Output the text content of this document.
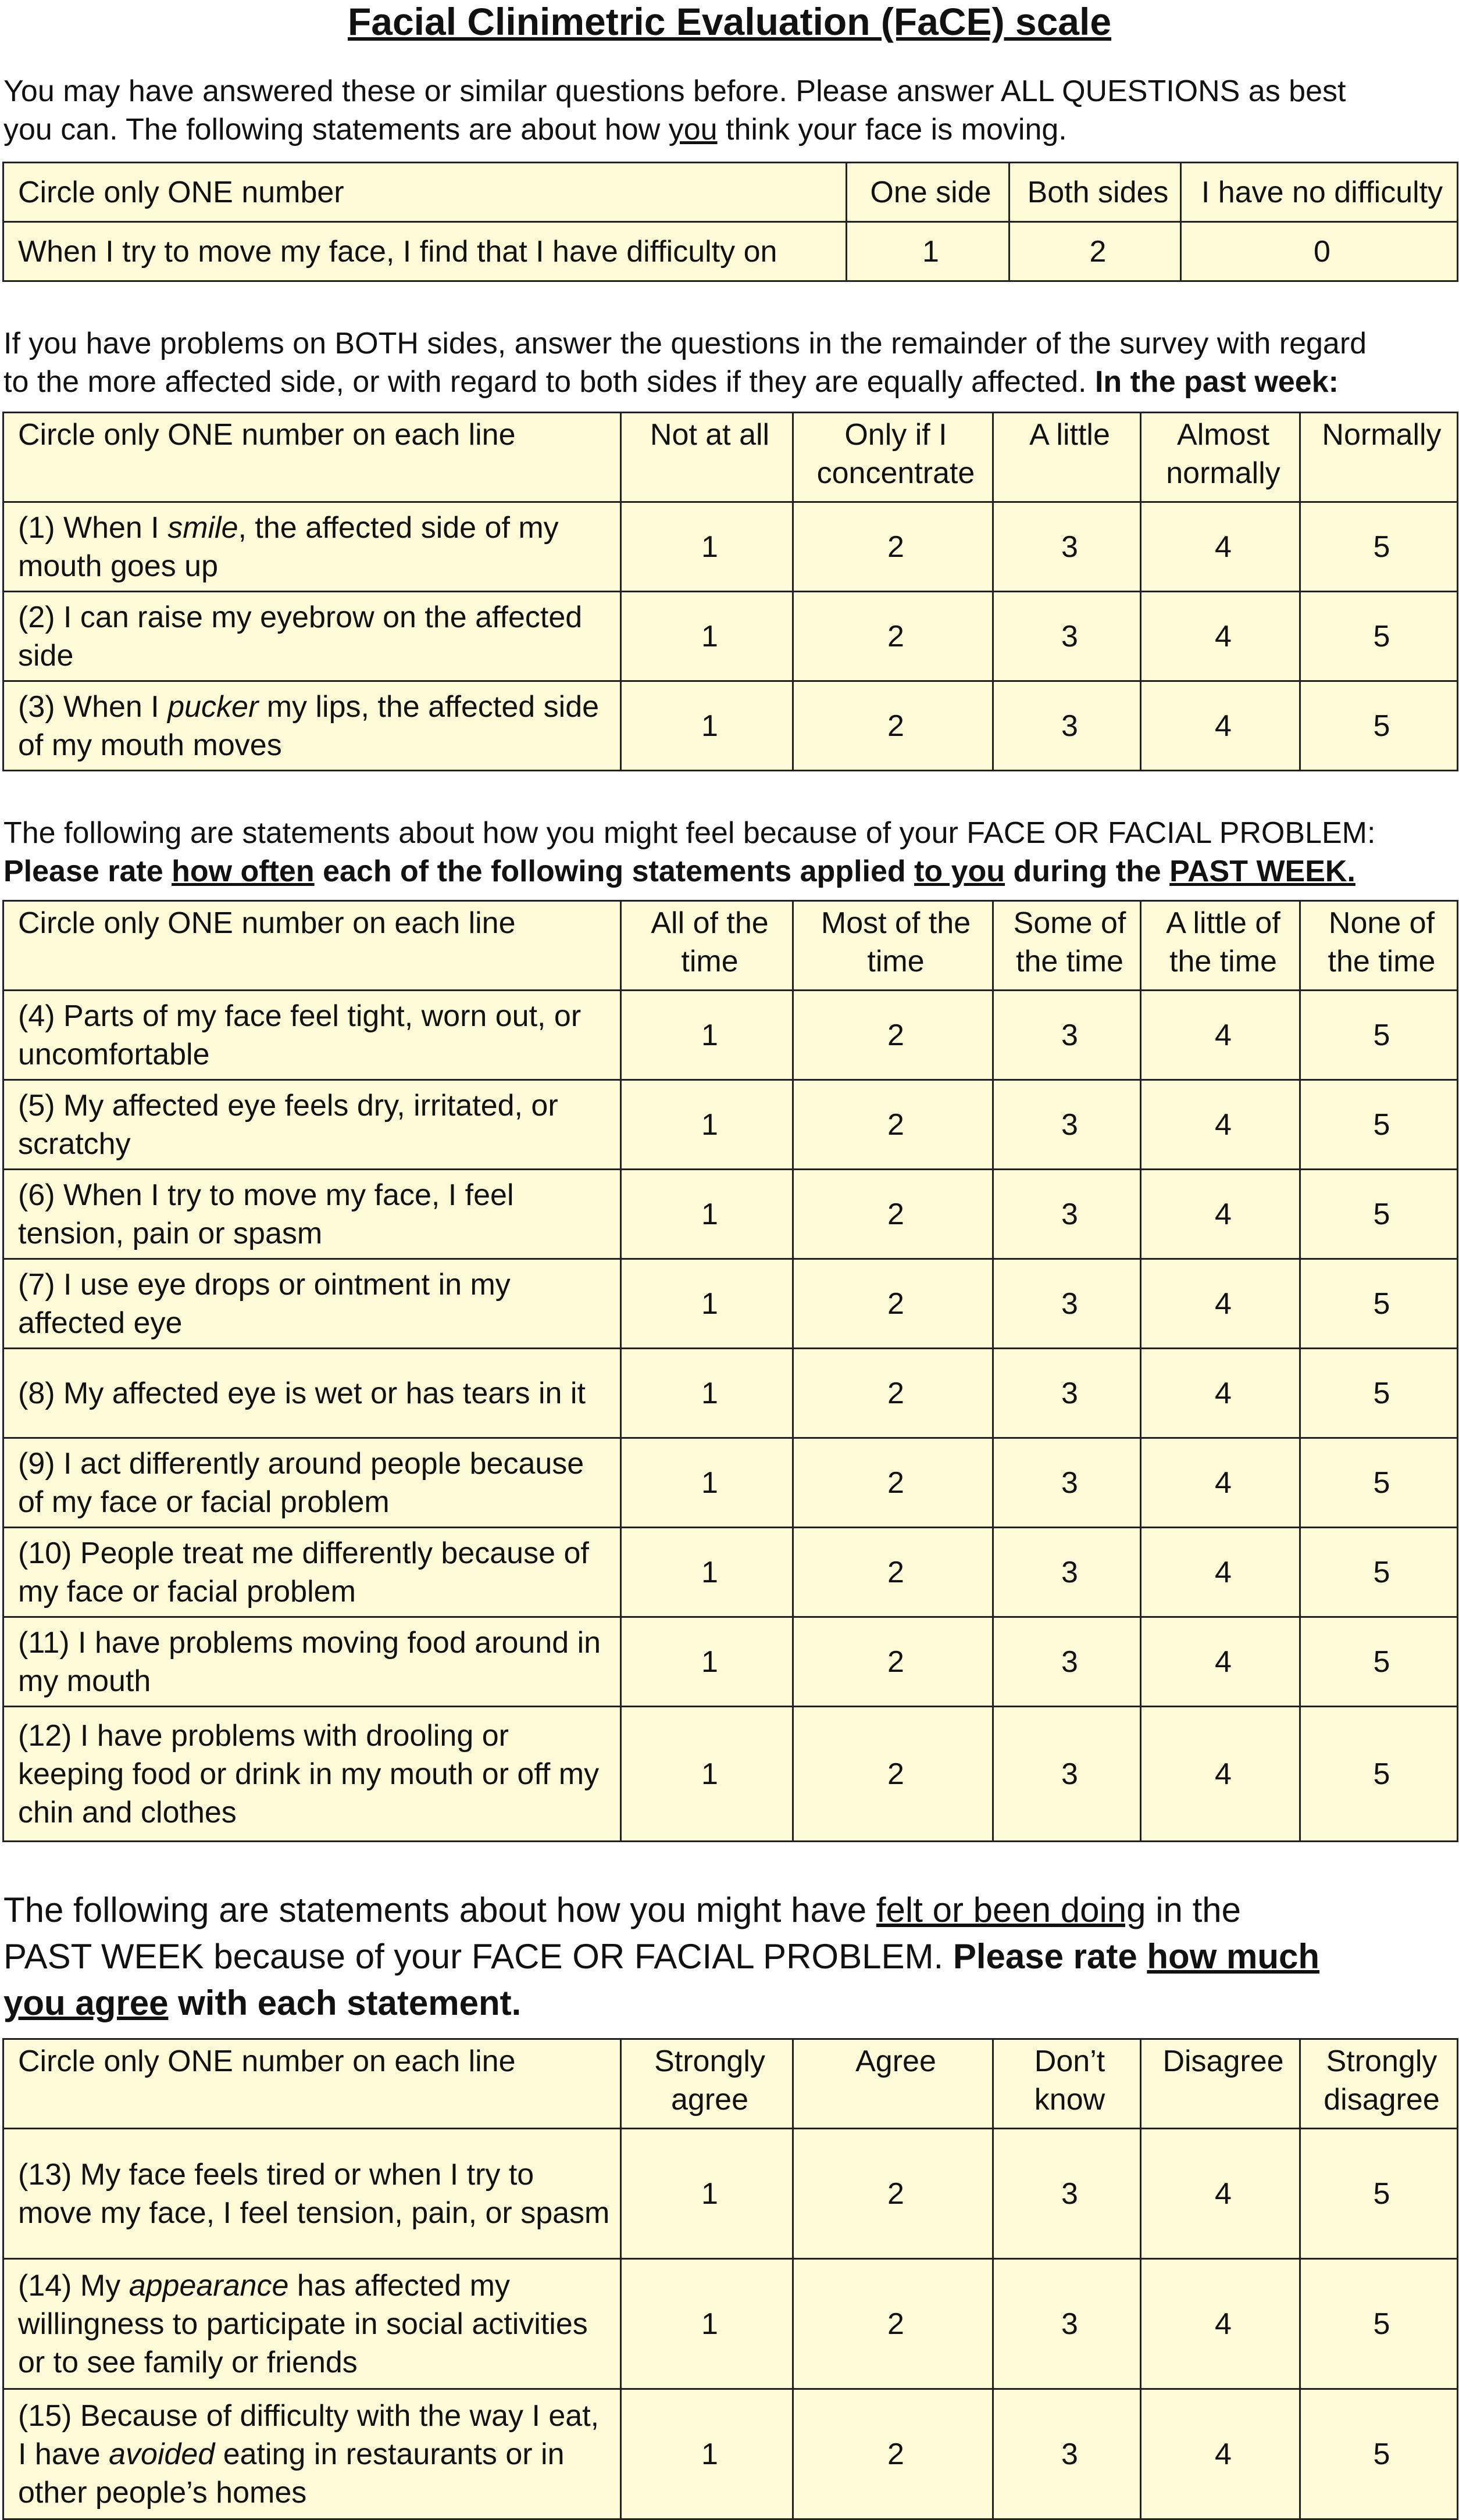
Facial Clinimetric Evaluation (FaCE) scale
You may have answered these or similar questions before. Please answer ALL QUESTIONS as best
you can. The following statements are about how you think your face is moving.
Circle only ONE number	One side	Both sides	I have no difficulty
When I try to move my face, I find that I have difficulty on	1	2	0
If you have problems on BOTH sides, answer the questions in the remainder of the survey with regard
to the more affected side, or with regard to both sides if they are equally affected. In the past week:
Circle only ONE number on each line	Not at all	Only if I concentrate	A little	Almost normally	Normally
(1) When I smile, the affected side of my mouth goes up	1	2	3	4	5
(2) I can raise my eyebrow on the affected side	1	2	3	4	5
(3) When I pucker my lips, the affected side of my mouth moves	1	2	3	4	5
The following are statements about how you might feel because of your FACE OR FACIAL PROBLEM:
Please rate how often each of the following statements applied to you during the PAST WEEK.
Circle only ONE number on each line	All of the time	Most of the time	Some of the time	A little of the time	None of the time
(4) Parts of my face feel tight, worn out, or uncomfortable	1	2	3	4	5
(5) My affected eye feels dry, irritated, or scratchy	1	2	3	4	5
(6) When I try to move my face, I feel tension, pain or spasm	1	2	3	4	5
(7) I use eye drops or ointment in my affected eye	1	2	3	4	5
(8) My affected eye is wet or has tears in it	1	2	3	4	5
(9) I act differently around people because of my face or facial problem	1	2	3	4	5
(10) People treat me differently because of my face or facial problem	1	2	3	4	5
(11) I have problems moving food around in my mouth	1	2	3	4	5
(12) I have problems with drooling or keeping food or drink in my mouth or off my chin and clothes	1	2	3	4	5
The following are statements about how you might have felt or been doing in the
PAST WEEK because of your FACE OR FACIAL PROBLEM. Please rate how much
you agree with each statement.
Circle only ONE number on each line	Strongly agree	Agree	Don’t know	Disagree	Strongly disagree
(13) My face feels tired or when I try to move my face, I feel tension, pain, or spasm	1	2	3	4	5
(14) My appearance has affected my willingness to participate in social activities or to see family or friends	1	2	3	4	5
(15) Because of difficulty with the way I eat, I have avoided eating in restaurants or in other people’s homes	1	2	3	4	5
